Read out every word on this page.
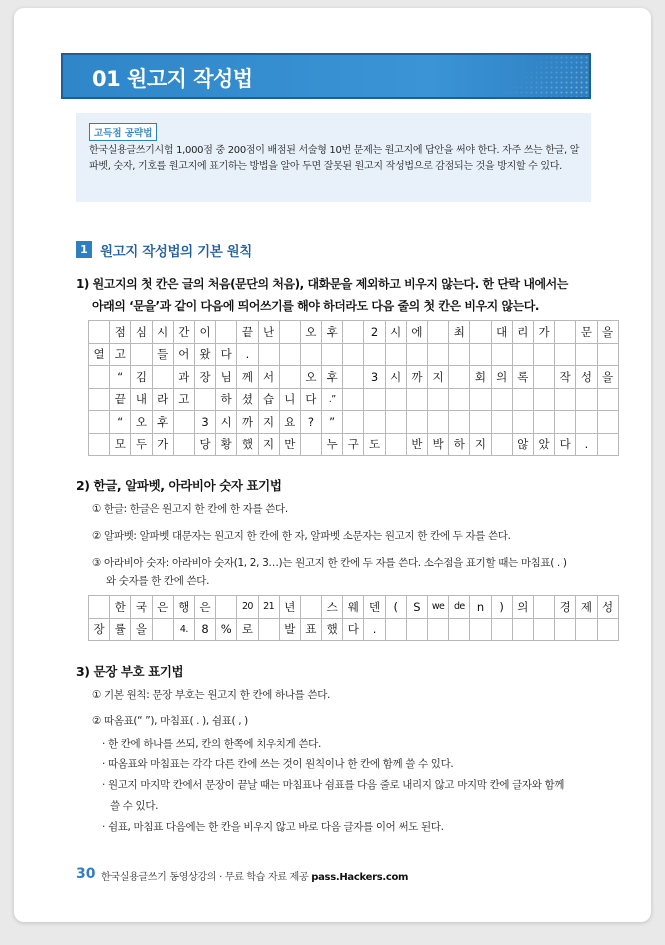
01 원고지 작성법
고득점 공략법
한국실용글쓰기시험 1,000점 중 200점이 배점된 서술형 10번 문제는 원고지에 답안을 써야 한다. 자주 쓰는 한글, 알파벳, 숫자, 기호를 원고지에 표기하는 방법을 알아 두면 잘못된 원고지 작성법으로 감점되는 것을 방지할 수 있다.
1 원고지 작성법의 기본 원칙
1) 원고지의 첫 칸은 글의 처음(문단의 처음), 대화문을 제외하고 비우지 않는다. 한 단락 내에서는
아래의 ‘문을’과 같이 다음에 띄어쓰기를 해야 하더라도 다음 줄의 첫 칸은 비우지 않는다.
	점	심	시	간	이		끝	난		오	후		2	시	에		최		대	리	가		문	을
열	고		들	어	왔	다	.																	
	“	김		과	장	님	께	서		오	후		3	시	까	지		회	의	록		작	성	을
	끝	내	라	고		하	셨	습	니	다	.”													
	“	오	후		3	시	까	지	요	?	”													
	모	두	가		당	황	했	지	만		누	구	도		반	박	하	지		않	았	다	.	
2) 한글, 알파벳, 아라비아 숫자 표기법
① 한글: 한글은 원고지 한 칸에 한 자를 쓴다.
② 알파벳: 알파벳 대문자는 원고지 한 칸에 한 자, 알파벳 소문자는 원고지 한 칸에 두 자를 쓴다.
③ 아라비아 숫자: 아라비아 숫자(1, 2, 3…)는 원고지 한 칸에 두 자를 쓴다. 소수점을 표기할 때는 마침표( . )
와 숫자를 한 칸에 쓴다.
	한	국	은	행	은		20	21	년		스	웨	덴	(	S	we	de	n	)	의		경	제	성
장	률	을		4.	8	%	로		발	표	했	다	.											
3) 문장 부호 표기법
① 기본 원칙: 문장 부호는 원고지 한 칸에 하나를 쓴다.
② 따옴표(“ ”), 마침표( . ), 쉼표( , )
· 한 칸에 하나를 쓰되, 칸의 한쪽에 치우치게 쓴다.
· 따옴표와 마침표는 각각 다른 칸에 쓰는 것이 원칙이나 한 칸에 함께 쓸 수 있다.
· 원고지 마지막 칸에서 문장이 끝날 때는 마침표나 쉼표를 다음 줄로 내리지 않고 마지막 칸에 글자와 함께
쓸 수 있다.
· 쉼표, 마침표 다음에는 한 칸을 비우지 않고 바로 다음 글자를 이어 써도 된다.
30 한국실용글쓰기 동영상강의 · 무료 학습 자료 제공 pass.Hackers.com
